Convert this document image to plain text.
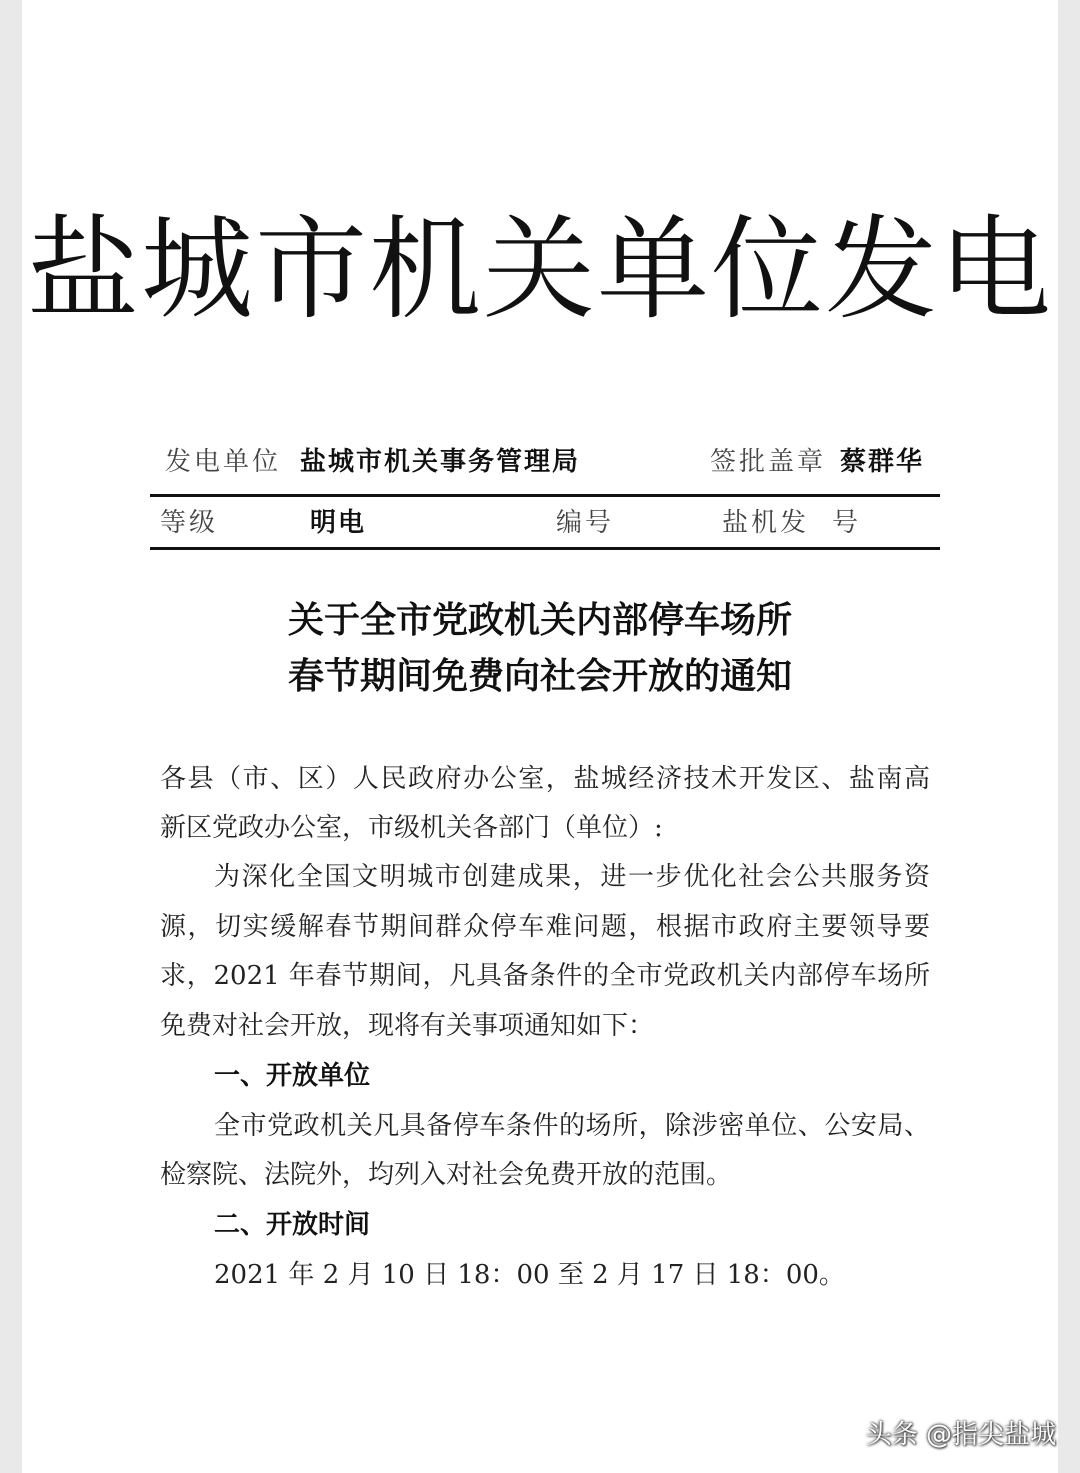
盐城市机关单位发电
发电单位 盐城市机关事务管理局	签批盖章 蔡群华
等级	明电	编号	盐机发 号
关于全市党政机关内部停车场所
春节期间免费向社会开放的通知
各县（市、区）人民政府办公室，盐城经济技术开发区、盐南高
新区党政办公室，市级机关各部门（单位）:
为深化全国文明城市创建成果，进一步优化社会公共服务资
源，切实缓解春节期间群众停车难问题，根据市政府主要领导要
求，2021 年春节期间，凡具备条件的全市党政机关内部停车场所
免费对社会开放，现将有关事项通知如下：
一、开放单位
全市党政机关凡具备停车条件的场所，除涉密单位、公安局、
检察院、法院外，均列入对社会免费开放的范围。
二、开放时间
2021 年 2 月 10 日 18：00 至 2 月 17 日 18：00。
头条 @指尖盐城
